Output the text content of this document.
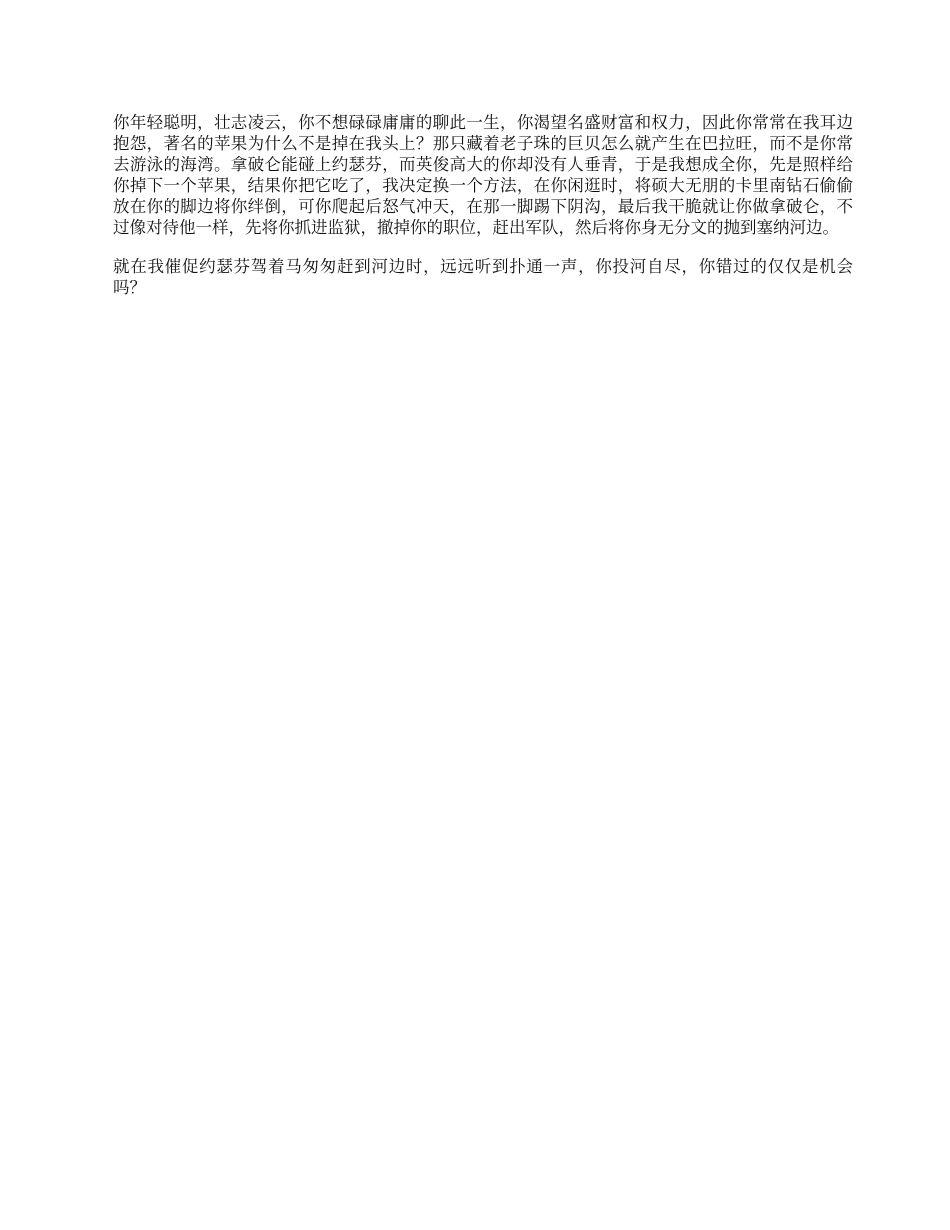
你年轻聪明，壮志凌云，你不想碌碌庸庸的聊此一生，你渴望名盛财富和权力，因此你常常在我耳边抱怨，著名的苹果为什么不是掉在我头上？那只藏着老子珠的巨贝怎么就产生在巴拉旺，而不是你常去游泳的海湾。拿破仑能碰上约瑟芬，而英俊高大的你却没有人垂青，于是我想成全你，先是照样给你掉下一个苹果，结果你把它吃了，我决定换一个方法，在你闲逛时，将硕大无朋的卡里南钻石偷偷放在你的脚边将你绊倒，可你爬起后怒气冲天，在那一脚踢下阴沟，最后我干脆就让你做拿破仑，不过像对待他一样，先将你抓进监狱，撤掉你的职位，赶出军队，然后将你身无分文的抛到塞纳河边。

就在我催促约瑟芬驾着马匆匆赶到河边时，远远听到扑通一声，你投河自尽，你错过的仅仅是机会吗？
